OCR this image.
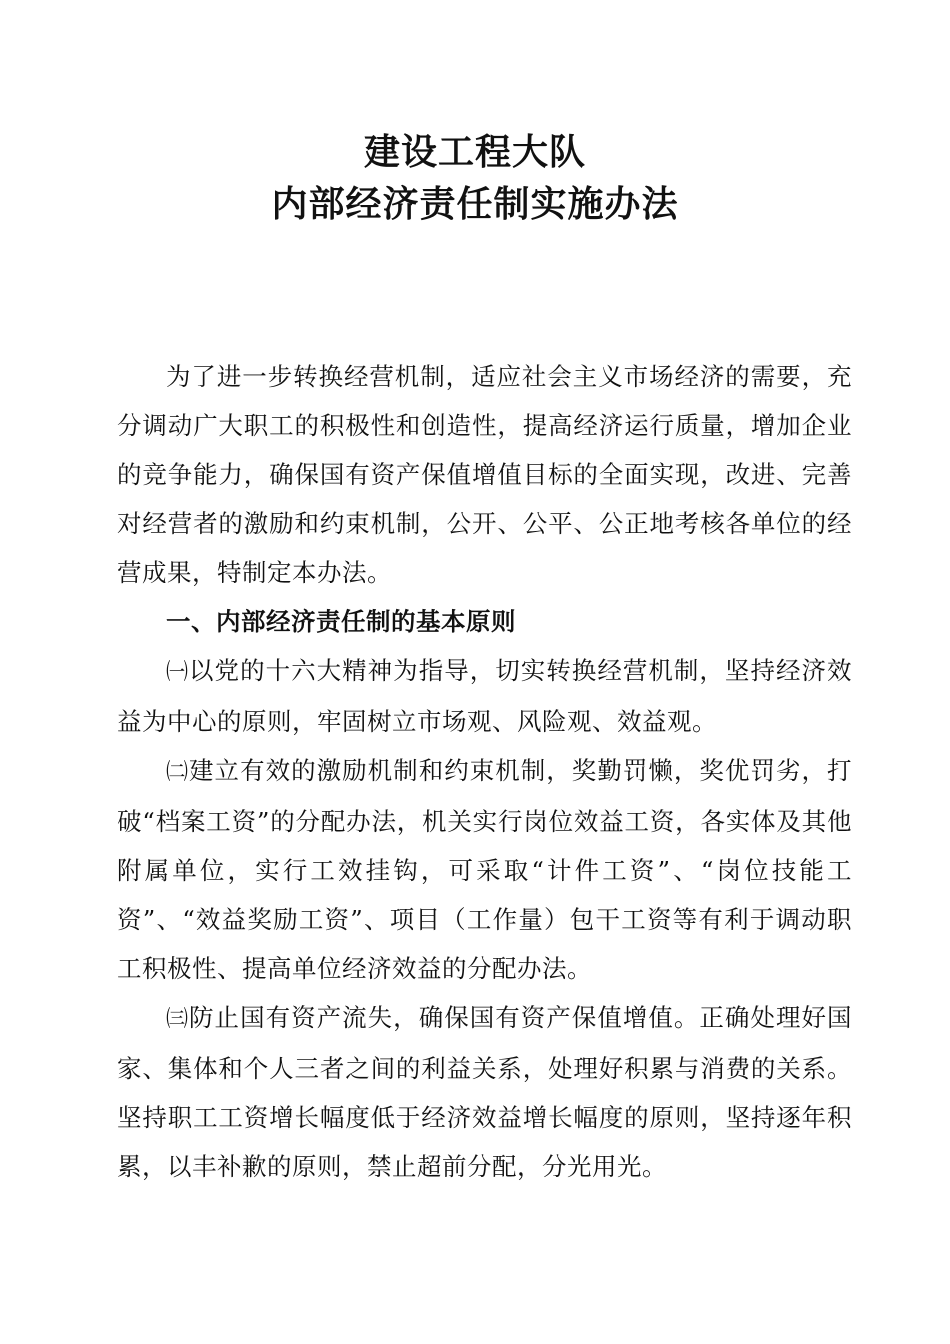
建设工程大队
内部经济责任制实施办法

为了进一步转换经营机制，适应社会主义市场经济的需要，充分调动广大职工的积极性和创造性，提高经济运行质量，增加企业的竞争能力，确保国有资产保值增值目标的全面实现，改进、完善对经营者的激励和约束机制，公开、公平、公正地考核各单位的经营成果，特制定本办法。

一、内部经济责任制的基本原则

㈠以党的十六大精神为指导，切实转换经营机制，坚持经济效益为中心的原则，牢固树立市场观、风险观、效益观。

㈡建立有效的激励机制和约束机制，奖勤罚懒，奖优罚劣，打破“档案工资”的分配办法，机关实行岗位效益工资，各实体及其他附属单位，实行工效挂钩，可采取“计件工资”、“岗位技能工资”、“效益奖励工资”、项目（工作量）包干工资等有利于调动职工积极性、提高单位经济效益的分配办法。

㈢防止国有资产流失，确保国有资产保值增值。正确处理好国家、集体和个人三者之间的利益关系，处理好积累与消费的关系。坚持职工工资增长幅度低于经济效益增长幅度的原则，坚持逐年积累，以丰补歉的原则，禁止超前分配，分光用光。
